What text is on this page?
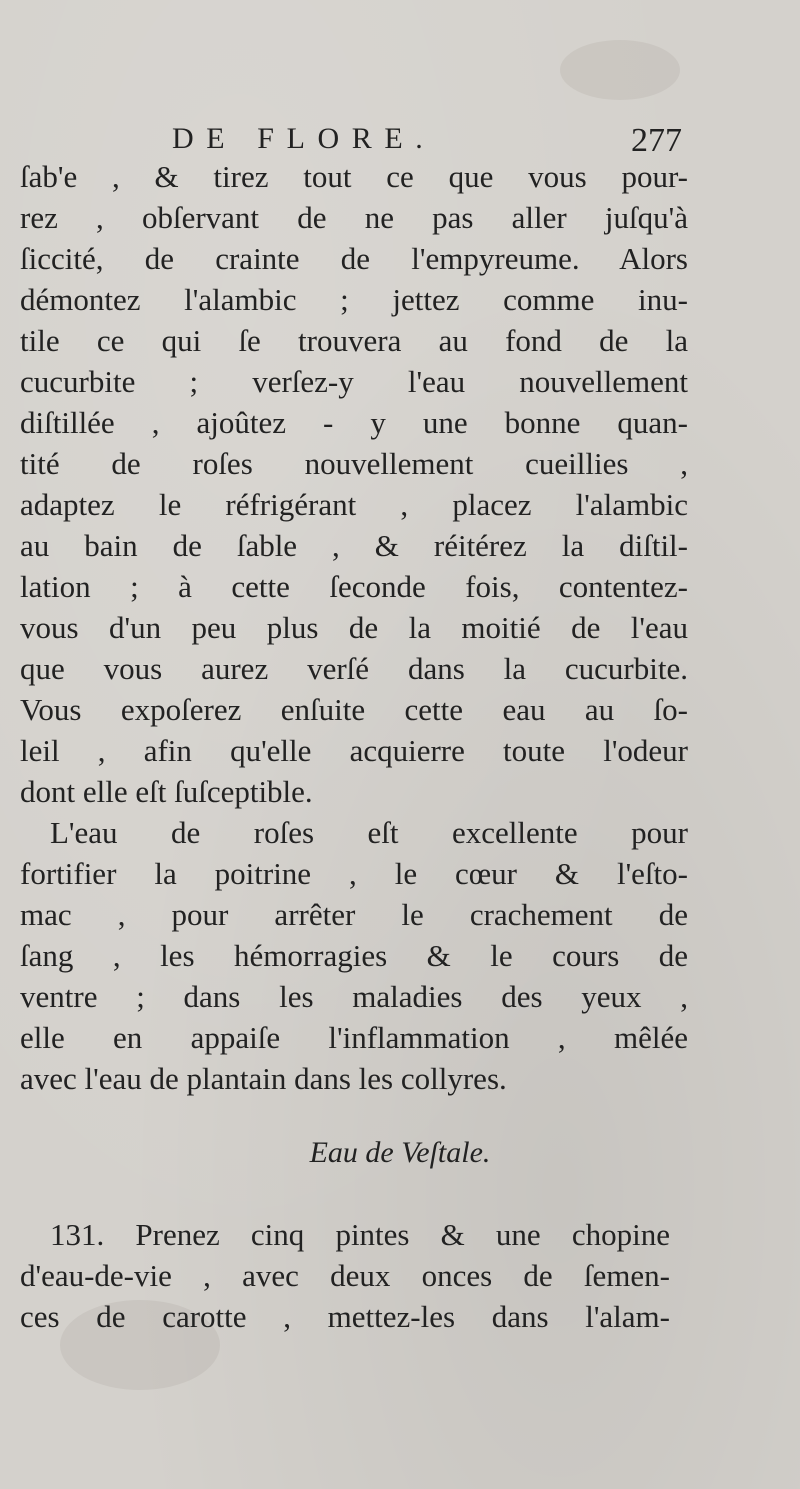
DE FLORE.	277
ſab'e , & tirez tout ce que vous pour-
rez , obſervant de ne pas aller juſqu'à
ſiccité, de crainte de l'empyreume. Alors
démontez l'alambic ; jettez comme inu-
tile ce qui ſe trouvera au fond de la
cucurbite ; verſez-y l'eau nouvellement
diſtillée , ajoûtez - y une bonne quan-
tité de roſes nouvellement cueillies ,
adaptez le réfrigérant , placez l'alambic
au bain de ſable , & réitérez la diſtil-
lation ; à cette ſeconde fois, contentez-
vous d'un peu plus de la moitié de l'eau
que vous aurez verſé dans la cucurbite.
Vous expoſerez enſuite cette eau au ſo-
leil , afin qu'elle acquierre toute l'odeur
dont elle eſt ſuſceptible.
L'eau de roſes eſt excellente pour
fortifier la poitrine , le cœur & l'eſto-
mac , pour arrêter le crachement de
ſang , les hémorragies & le cours de
ventre ; dans les maladies des yeux ,
elle en appaiſe l'inflammation , mêlée
avec l'eau de plantain dans les collyres.
Eau de Veſtale.
131. Prenez cinq pintes & une chopine
d'eau-de-vie , avec deux onces de ſemen-
ces de carotte , mettez-les dans l'alam-
